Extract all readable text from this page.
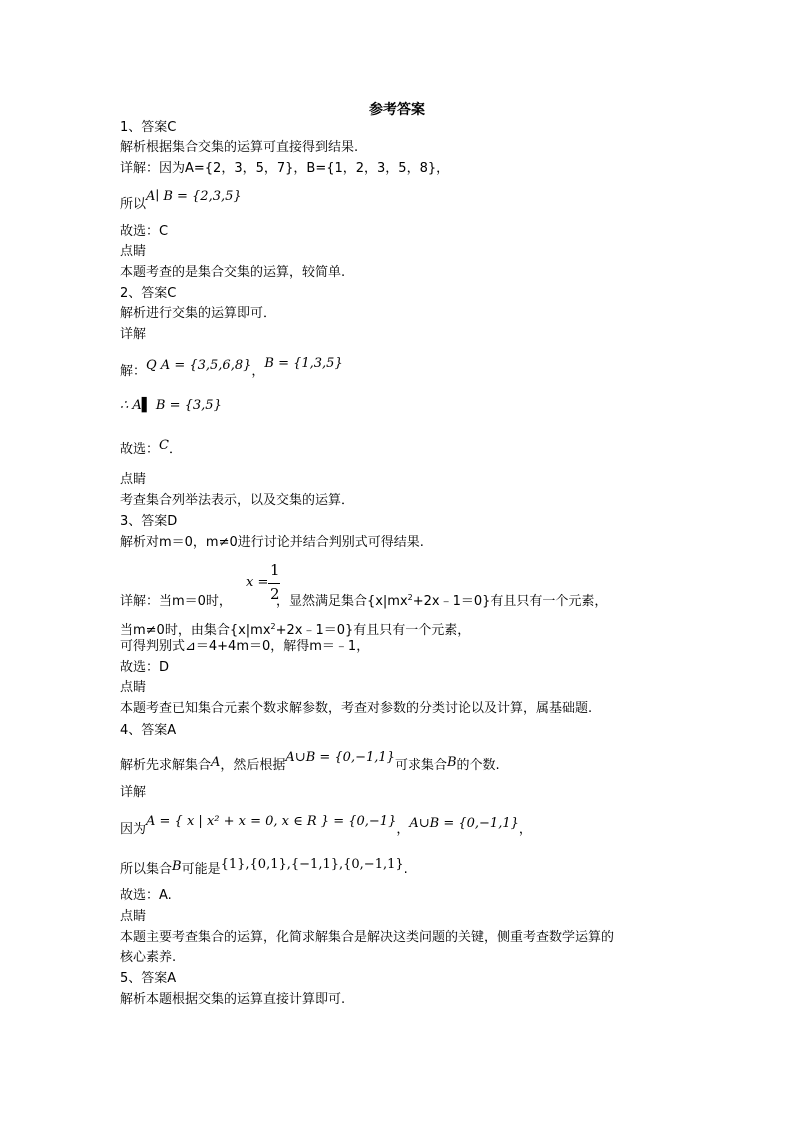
参考答案
1、答案C
解析根据集合交集的运算可直接得到结果.
详解：因为A={2，3，5，7}，B={1，2，3，5，8}，
所以A∣ B = {2,3,5}
故选：C
点睛
本题考查的是集合交集的运算，较简单.
2、答案C
解析进行交集的运算即可．
详解
解：Q A = {3,5,6,8}，B = {1,3,5}
∴ A▌ B = {3,5}
故选：C．
点睛
考查集合列举法表示，以及交集的运算．
3、答案D
解析对m＝0，m≠0进行讨论并结合判别式可得结果.
x =
1
2
详解：当m＝0时，	，显然满足集合$\{x|mx^2+2x﹣1=0\}$有且只有一个元素，
当m≠0时，由集合$\{x|mx^2+2x﹣1=0\}$有且只有一个元素，
可得判别式⊿＝4+4m＝0，解得m＝﹣1，
故选：D
点睛
本题考查已知集合元素个数求解参数，考查对参数的分类讨论以及计算，属基础题.
4、答案A
解析先求解集合A，然后根据A∪B = {0,−1,1}可求集合B的个数.
详解
因为A = { x | x² + x = 0, x ∈ R } = {0,−1}，A∪B = {0,−1,1}，
所以集合B可能是{1},{0,1},{−1,1},{0,−1,1}.
故选：A.
点睛
本题主要考查集合的运算，化简求解集合是解决这类问题的关键，侧重考查数学运算的
核心素养.
5、答案A
解析本题根据交集的运算直接计算即可.
